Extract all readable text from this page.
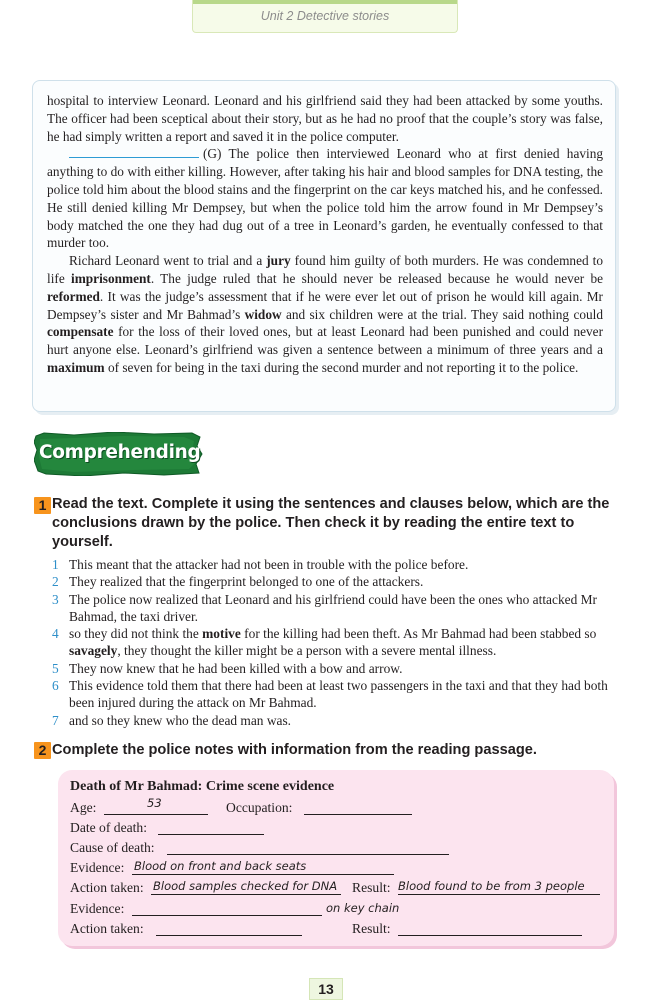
Unit 2 Detective stories

hospital to interview Leonard. Leonard and his girlfriend said they had been attacked by some youths. The officer had been sceptical about their story, but as he had no proof that the couple’s story was false, he had simply written a report and saved it in the police computer.

(G) The police then interviewed Leonard who at first denied having anything to do with either killing. However, after taking his hair and blood samples for DNA testing, the police told him about the blood stains and the fingerprint on the car keys matched his, and he confessed. He still denied killing Mr Dempsey, but when the police told him the arrow found in Mr Dempsey’s body matched the one they had dug out of a tree in Leonard’s garden, he eventually confessed to that murder too.

Richard Leonard went to trial and a jury found him guilty of both murders. He was condemned to life imprisonment. The judge ruled that he should never be released because he would never be reformed. It was the judge’s assessment that if he were ever let out of prison he would kill again. Mr Dempsey’s sister and Mr Bahmad’s widow and six children were at the trial. They said nothing could compensate for the loss of their loved ones, but at least Leonard had been punished and could never hurt anyone else. Leonard’s girlfriend was given a sentence between a minimum of three years and a maximum of seven for being in the taxi during the second murder and not reporting it to the police.

Comprehending
1 Read the text. Complete it using the sentences and clauses below, which are the conclusions drawn by the police. Then check it by reading the entire text to yourself.
1 This meant that the attacker had not been in trouble with the police before.
2 They realized that the fingerprint belonged to one of the attackers.
3 The police now realized that Leonard and his girlfriend could have been the ones who attacked Mr Bahmad, the taxi driver.
4 so they did not think the motive for the killing had been theft. As Mr Bahmad had been stabbed so savagely, they thought the killer might be a person with a severe mental illness.
5 They now knew that he had been killed with a bow and arrow.
6 This evidence told them that there had been at least two passengers in the taxi and that they had both been injured during the attack on Mr Bahmad.
7 and so they knew who the dead man was.
2 Complete the police notes with information from the reading passage.
Death of Mr Bahmad: Crime scene evidence
Age:	53	Occupation:
Date of death:
Cause of death:
Evidence: Blood on front and back seats
Action taken: Blood samples checked for DNA Result: Blood found to be from 3 people
Evidence:	on key chain
Action taken:	Result:
13
